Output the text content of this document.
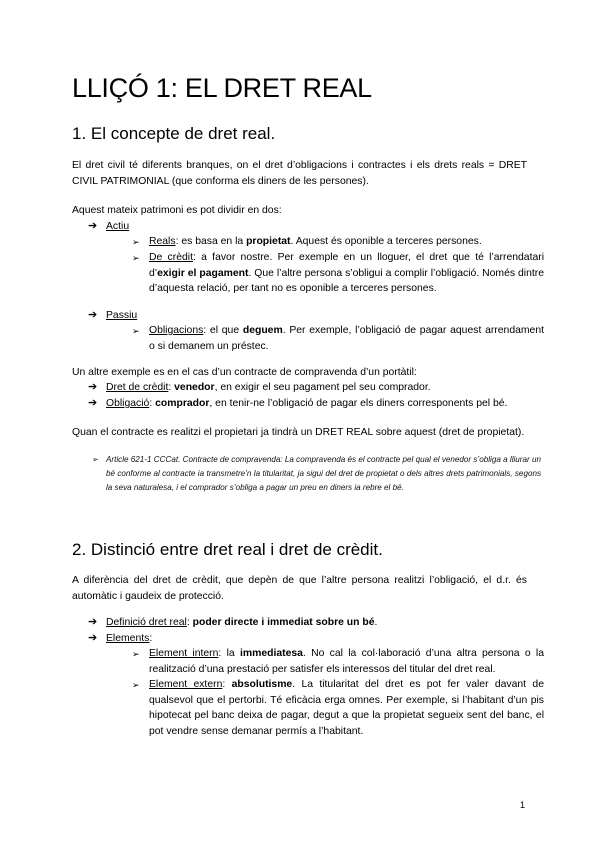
LLIÇÓ 1: EL DRET REAL
1. El concepte de dret real.

El dret civil té diferents branques, on el dret d’obligacions i contractes i els drets reals = DRET CIVIL PATRIMONIAL (que conforma els diners de les persones).

Aquest mateix patrimoni es pot dividir en dos:

➔ Actiu
➢ Reals: es basa en la propietat. Aquest és oponible a terceres persones.
➢ De crèdit: a favor nostre. Per exemple en un lloguer, el dret que té l’arrendatari d’exigir el pagament. Que l’altre persona s’obligui a complir l’obligació. Només dintre d’aquesta relació, per tant no es oponible a terceres persones.
➔ Passiu
➢ Obligacions: el que deguem. Per exemple, l’obligació de pagar aquest arrendament o si demanem un préstec.

Un altre exemple es en el cas d’un contracte de compravenda d’un portàtil:

➔ Dret de crèdit: venedor, en exigir el seu pagament pel seu comprador.
➔ Obligació: comprador, en tenir-ne l’obligació de pagar els diners corresponents pel bé.

Quan el contracte es realitzi el propietari ja tindrà un DRET REAL sobre aquest (dret de propietat).

➢ Article 621-1 CCCat. Contracte de compravenda: La compravenda és el contracte pel qual el venedor s’obliga a lliurar un bé conforme al contracte ia transmetre’n la titularitat, ja sigui del dret de propietat o dels altres drets patrimonials, segons la seva naturalesa, i el comprador s’obliga a pagar un preu en diners ia rebre el bé.
2. Distinció entre dret real i dret de crèdit.

A diferència del dret de crèdit, que depèn de que l’altre persona realitzi l’obligació, el d.r. és automàtic i gaudeix de protecció.

➔ Definició dret real: poder directe i immediat sobre un bé.
➔ Elements:
➢ Element intern: la immediatesa. No cal la col·laboració d’una altra persona o la realització d’una prestació per satisfer els interessos del titular del dret real.
➢ Element extern: absolutisme. La titularitat del dret es pot fer valer davant de qualsevol que el pertorbi. Té eficàcia erga omnes. Per exemple, si l’habitant d’un pis hipotecat pel banc deixa de pagar, degut a que la propietat segueix sent del banc, el pot vendre sense demanar permís a l’habitant.
1
